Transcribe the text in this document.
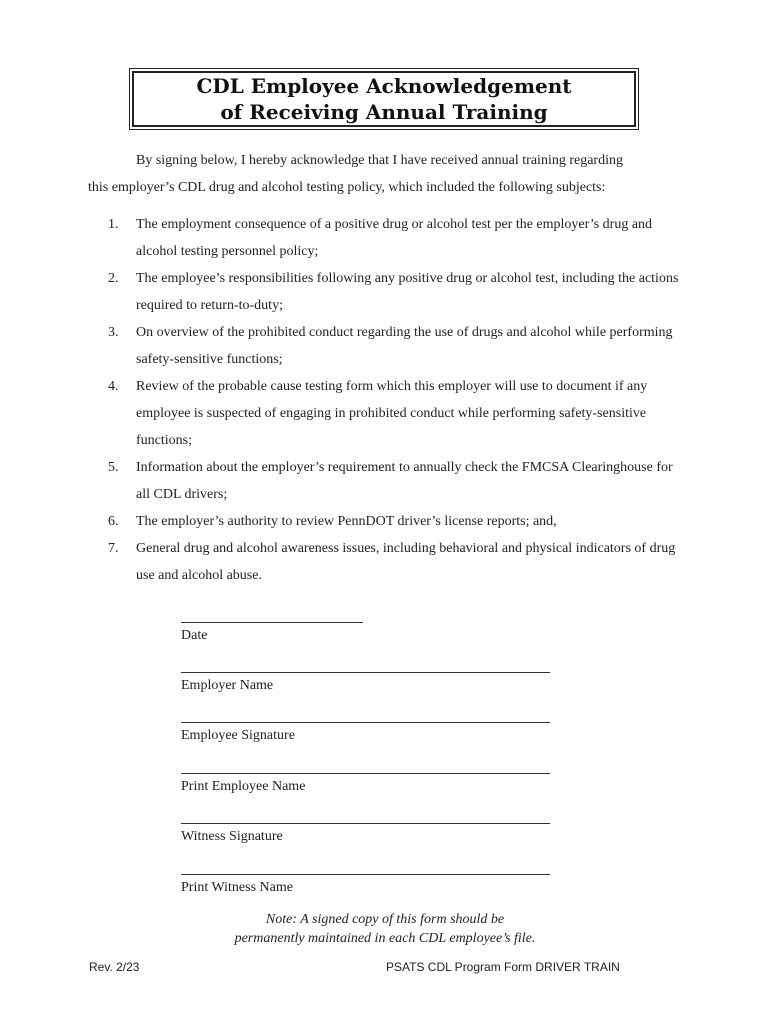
CDL Employee Acknowledgement
of Receiving Annual Training
By signing below, I hereby acknowledge that I have received annual training regarding
this employer’s CDL drug and alcohol testing policy, which included the following subjects:
1.	The employment consequence of a positive drug or alcohol test per the employer’s drug and alcohol testing personnel policy;
2.	The employee’s responsibilities following any positive drug or alcohol test, including the actions required to return-to-duty;
3.	On overview of the prohibited conduct regarding the use of drugs and alcohol while performing safety-sensitive functions;
4.	Review of the probable cause testing form which this employer will use to document if any employee is suspected of engaging in prohibited conduct while performing safety-sensitive functions;
5.	Information about the employer’s requirement to annually check the FMCSA Clearinghouse for all CDL drivers;
6.	The employer’s authority to review PennDOT driver’s license reports; and,
7.	General drug and alcohol awareness issues, including behavioral and physical indicators of drug use and alcohol abuse.
Date
Employer Name
Employee Signature
Print Employee Name
Witness Signature
Print Witness Name
Note: A signed copy of this form should be
permanently maintained in each CDL employee’s file.
Rev. 2/23	PSATS CDL Program Form DRIVER TRAIN
